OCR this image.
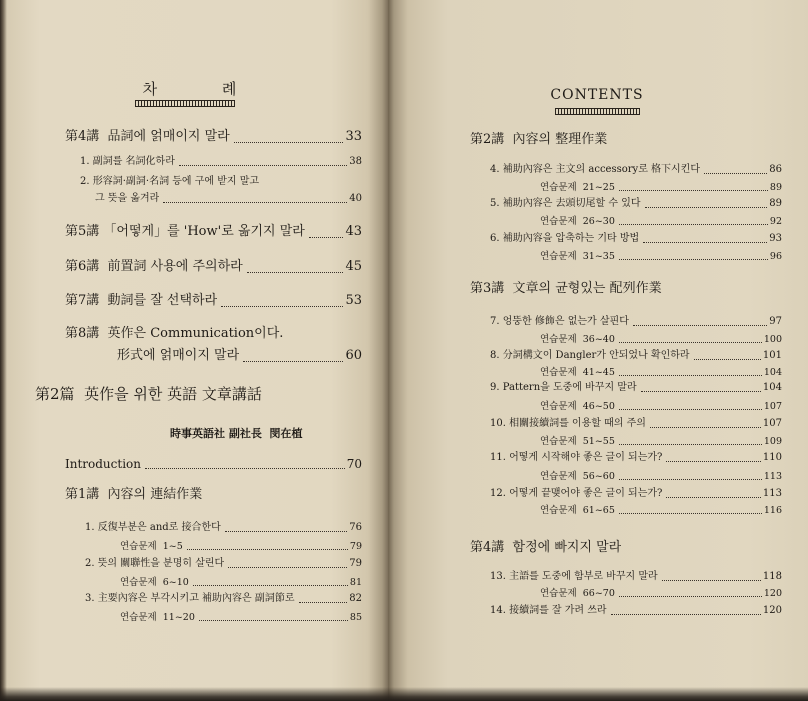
차 례
第4講  品詞에 얽매이지 말라	33
1. 副詞를 名詞化하라	38
2. 形容詞·副詞·名詞 등에 구에 받지 말고
그 뜻을 옮겨라	40
第5講 「어떻게」를 'How'로 옮기지 말라	43
第6講  前置詞 사용에 주의하라	45
第7講  動詞를 잘 선택하라	53
第8講  英作은 Communication이다.
形式에 얽매이지 말라	60
第2篇  英作을 위한 英語 文章講話
時事英語社 副社長  閔在植
Introduction	70
第1講  內容의 連結作業
1. 反復부분은 and로 接合한다	76
연습문제  1~5	79
2. 뜻의 關聯性을 분명히 살린다	79
연습문제  6~10	81
3. 主要內容은 부각시키고 補助內容은 副詞節로	82
연습문제  11~20	85
CONTENTS
第2講  內容의 整理作業
4. 補助內容은 主文의 accessory로 格下시킨다	86
연습문제  21~25	89
5. 補助內容은 去頭切尾할 수 있다	89
연습문제  26~30	92
6. 補助內容을 압축하는 기타 방법	93
연습문제  31~35	96
第3講  文章의 균형있는 配列作業
7. 엉뚱한 修飾은 없는가 살핀다	97
연습문제  36~40	100
8. 分詞構文이 Dangler가 안되었나 확인하라	101
연습문제  41~45	104
9. Pattern을 도중에 바꾸지 말라	104
연습문제  46~50	107
10. 相關接續詞를 이용할 때의 주의	107
연습문제  51~55	109
11. 어떻게 시작해야 좋은 글이 되는가?	110
연습문제  56~60	113
12. 어떻게 끝맺어야 좋은 글이 되는가?	113
연습문제  61~65	116
第4講  함정에 빠지지 말라
13. 主語를 도중에 함부로 바꾸지 말라	118
연습문제  66~70	120
14. 接續詞를 잘 가려 쓰라	120
